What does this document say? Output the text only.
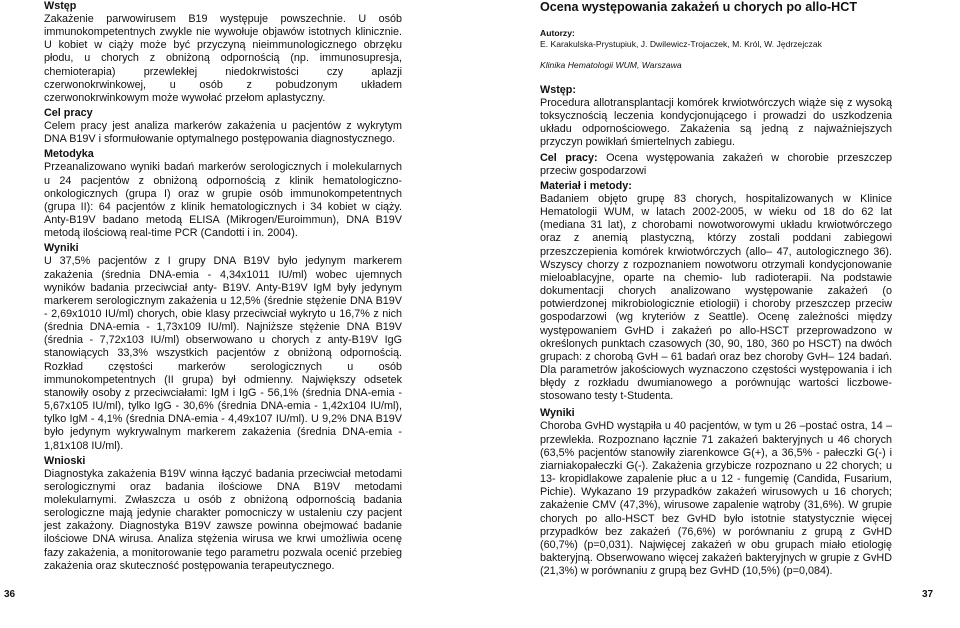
Wstęp
Zakażenie parwowirusem B19 występuje powszechnie. U osób immunokompetentnych zwykle nie wywołuje objawów istotnych klinicznie. U kobiet w ciąży może być przyczyną nieimmunologicznego obrzęku płodu, u chorych z obniżoną odpornością (np. immunosupresja, chemioterapia) przewlekłej niedokrwistości czy aplazji czerwonokrwinkowej, u osób z pobudzonym układem czerwonokrwinkowym może wywołać przełom aplastyczny.
Cel pracy
Celem pracy jest analiza markerów zakażenia u pacjentów z wykrytym DNA B19V i sformułowanie optymalnego postępowania diagnostycznego.
Metodyka
Przeanalizowano wyniki badań markerów serologicznych i molekularnych u 24 pacjentów z obniżoną odpornością z klinik hematologiczno-onkologicznych (grupa I) oraz w grupie osób immunokompetentnych (grupa II): 64 pacjentów z klinik hematologicznych i 34 kobiet w ciąży. Anty-B19V badano metodą ELISA (Mikrogen/Euroimmun), DNA B19V metodą ilościową real-time PCR (Candotti i in. 2004).
Wyniki
U 37,5% pacjentów z I grupy DNA B19V było jedynym markerem zakażenia (średnia DNA-emia - 4,34x1011 IU/ml) wobec ujemnych wyników badania przeciwciał anty- B19V. Anty-B19V IgM były jedynym markerem serologicznym zakażenia u 12,5% (średnie stężenie DNA B19V - 2,69x1010 IU/ml) chorych, obie klasy przeciwciał wykryto u 16,7% z nich (średnia DNA-emia - 1,73x109 IU/ml). Najniższe stężenie DNA B19V (średnia - 7,72x103 IU/ml) obserwowano u chorych z anty-B19V IgG stanowiących 33,3% wszystkich pacjentów z obniżoną odpornością. Rozkład częstości markerów serologicznych u osób immunokompetentnych (II grupa) był odmienny. Największy odsetek stanowiły osoby z przeciwciałami: IgM i IgG - 56,1% (średnia DNA-emia - 5,67x105 IU/ml), tylko IgG - 30,6% (średnia DNA-emia - 1,42x104 IU/ml), tylko IgM - 4,1% (średnia DNA-emia - 4,49x107 IU/ml). U 9,2% DNA B19V było jedynym wykrywalnym markerem zakażenia (średnia DNA-emia - 1,81x108 IU/ml).
Wnioski
Diagnostyka zakażenia B19V winna łączyć badania przeciwciał metodami serologicznymi oraz badania ilościowe DNA B19V metodami molekularnymi. Zwłaszcza u osób z obniżoną odpornością badania serologiczne mają jedynie charakter pomocniczy w ustaleniu czy pacjent jest zakażony. Diagnostyka B19V zawsze powinna obejmować badanie ilościowe DNA wirusa. Analiza stężenia wirusa we krwi umożliwia ocenę fazy zakażenia, a monitorowanie tego parametru pozwala ocenić przebieg zakażenia oraz skuteczność postępowania terapeutycznego.
Ocena występowania zakażeń u chorych po allo-HCT
Autorzy:
E. Karakulska-Prystupiuk, J. Dwilewicz-Trojaczek, M. Król, W. Jędrzejczak
Klinika Hematologii WUM, Warszawa
Wstęp:
Procedura allotransplantacji komórek krwiotwórczych wiąże się z wysoką toksycznością leczenia kondycjonującego i prowadzi do uszkodzenia układu odpornościowego. Zakażenia są jedną z najważniejszych przyczyn powikłań śmiertelnych zabiegu.
Cel pracy: Ocena występowania zakażeń w chorobie przeszczep przeciw gospodarzowi
Materiał i metody:
Badaniem objęto grupę 83 chorych, hospitalizowanych w Klinice Hematologii WUM, w latach 2002-2005, w wieku od 18 do 62 lat (mediana 31 lat), z chorobami nowotworowymi układu krwiotwórczego oraz z anemią plastyczną, którzy zostali poddani zabiegowi przeszczepienia komórek krwiotwórczych (allo– 47, autologicznego 36). Wszyscy chorzy z rozpoznaniem nowotworu otrzymali kondycjonowanie mieloablacyjne, oparte na chemio- lub radioterapii. Na podstawie dokumentacji chorych analizowano występowanie zakażeń (o potwierdzonej mikrobiologicznie etiologii) i choroby przeszczep przeciw gospodarzowi (wg kryteriów z Seattle). Ocenę zależności między występowaniem GvHD i zakażeń po allo-HSCT przeprowadzono w określonych punktach czasowych (30, 90, 180, 360 po HSCT) na dwóch grupach: z chorobą GvH – 61 badań oraz bez choroby GvH– 124 badań. Dla parametrów jakościowych wyznaczono częstości występowania i ich błędy z rozkładu dwumianowego a porównując wartości liczbowe- stosowano testy t-Studenta.
Wyniki
Choroba GvHD wystąpiła u 40 pacjentów, w tym u 26 –postać ostra, 14 – przewlekła. Rozpoznano łącznie 71 zakażeń bakteryjnych u 46 chorych (63,5% pacjentów stanowiły ziarenkowce G(+), a 36,5% - pałeczki G(-) i ziarniakopałeczki G(-). Zakażenia grzybicze rozpoznano u 22 chorych; u 13- kropidlakowe zapalenie płuc a u 12 - fungemię (Candida, Fusarium, Pichie). Wykazano 19 przypadków zakażeń wirusowych u 16 chorych; zakażenie CMV (47,3%), wirusowe zapalenie wątroby (31,6%). W grupie chorych po allo-HSCT bez GvHD było istotnie statystycznie więcej przypadków bez zakażeń (76,6%) w porównaniu z grupą z GvHD (60,7%) (p=0,031). Najwięcej zakażeń w obu grupach miało etiologię bakteryjną. Obserwowano więcej zakażeń bakteryjnych w grupie z GvHD (21,3%) w porównaniu z grupą bez GvHD (10,5%) (p=0,084).
36	37
